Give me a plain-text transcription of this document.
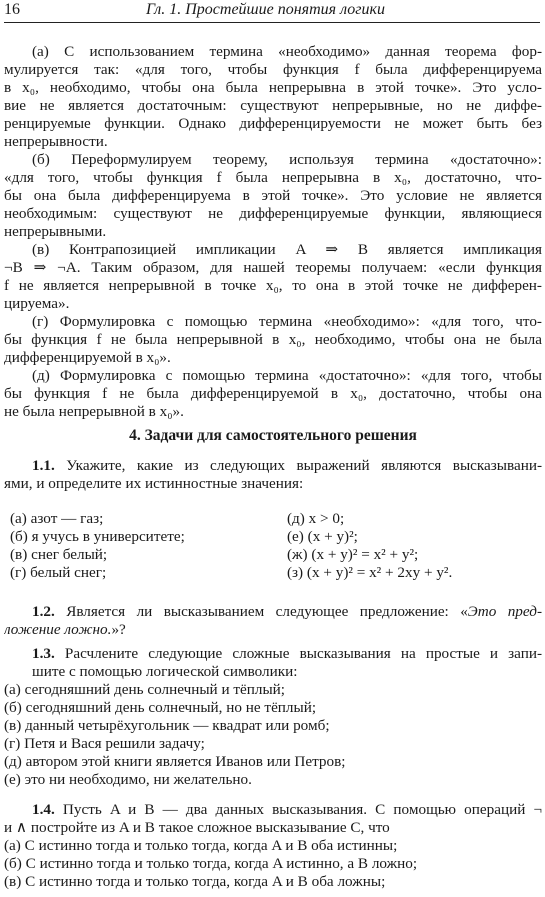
16	Гл. 1. Простейшие понятия логики
(а) С использованием термина «необходимо» данная теорема фор-
мулируется так: «для того, чтобы функция f была дифференцируема
в x₀, необходимо, чтобы она была непрерывна в этой точке». Это усло-
вие не является достаточным: существуют непрерывные, но не диффе-
ренцируемые функции. Однако дифференцируемости не может быть без
непрерывности.
(б) Переформулируем теорему, используя термина «достаточно»:
«для того, чтобы функция f была непрерывна в x₀, достаточно, что-
бы она была дифференцируема в этой точке». Это условие не является
необходимым: существуют не дифференцируемые функции, являющиеся
непрерывными.
(в) Контрапозицией импликации A ⇒ B является импликация
¬B ⇒ ¬A. Таким образом, для нашей теоремы получаем: «если функция
f не является непрерывной в точке x₀, то она в этой точке не дифферен-
цируема».
(г) Формулировка с помощью термина «необходимо»: «для того, что-
бы функция f не была непрерывной в x₀, необходимо, чтобы она не была
дифференцируемой в x₀».
(д) Формулировка с помощью термина «достаточно»: «для того, чтобы
бы функция f не была дифференцируемой в x₀, достаточно, чтобы она
не была непрерывной в x₀».
4. Задачи для самостоятельного решения
1.1. Укажите, какие из следующих выражений являются высказывани-
ями, и определите их истинностные значения:
(а) азот — газ;
(б) я учусь в университете;
(в) снег белый;
(г) белый снег;
(д) x > 0;
(е) (x + y)²;
(ж) (x + y)² = x² + y²;
(з) (x + y)² = x² + 2xy + y².
1.2. Является ли высказыванием следующее предложение: «Это пред-
ложение ложно.»?
1.3. Расчлените следующие сложные высказывания на простые и запи-
шите с помощью логической символики:
(а) сегодняшний день солнечный и тёплый;
(б) сегодняшний день солнечный, но не тёплый;
(в) данный четырёхугольник — квадрат или ромб;
(г) Петя и Вася решили задачу;
(д) автором этой книги является Иванов или Петров;
(е) это ни необходимо, ни желательно.
1.4. Пусть A и B — два данных высказывания. С помощью операций ¬
и ∧ постройте из A и B такое сложное высказывание C, что
(а) C истинно тогда и только тогда, когда A и B оба истинны;
(б) C истинно тогда и только тогда, когда A истинно, а B ложно;
(в) C истинно тогда и только тогда, когда A и B оба ложны;
